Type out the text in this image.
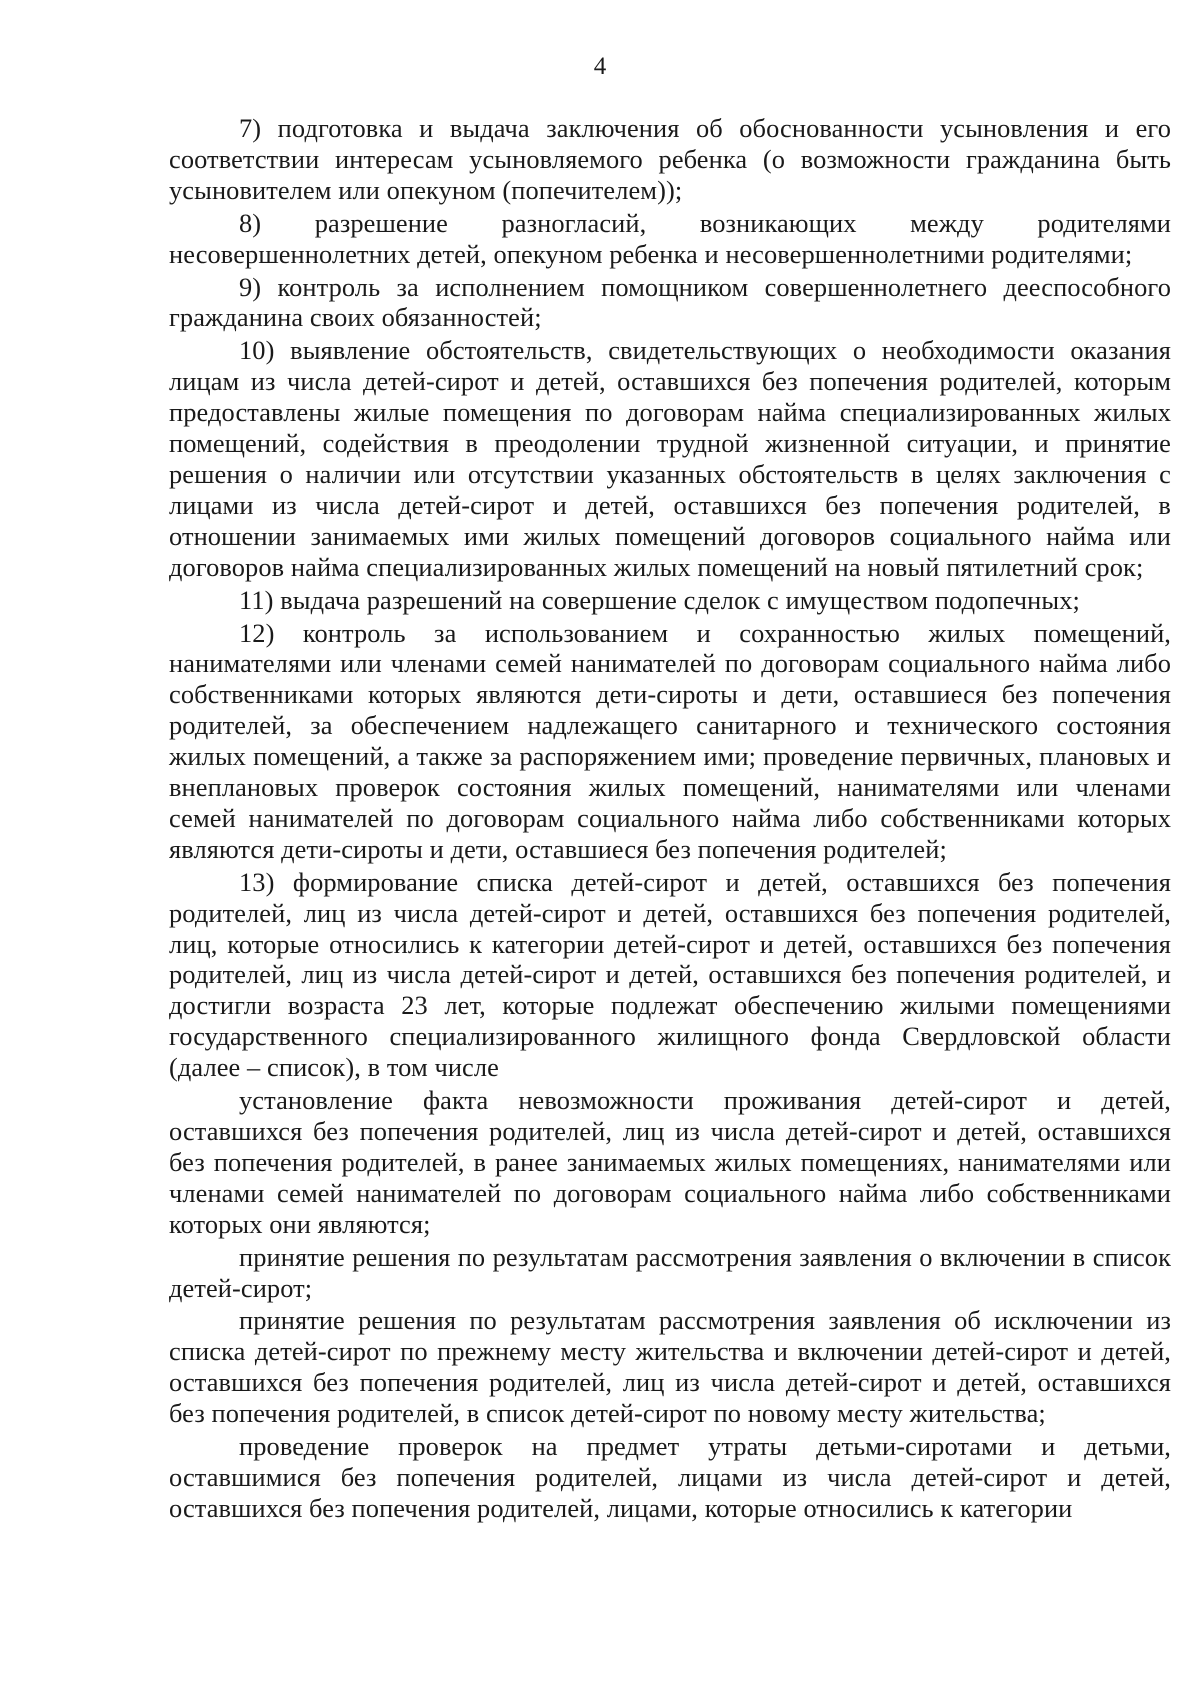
4

7) подготовка и выдача заключения об обоснованности усыновления и его соответствии интересам усыновляемого ребенка (о возможности гражданина быть усыновителем или опекуном (попечителем));

8) разрешение разногласий, возникающих между родителями несовершеннолетних детей, опекуном ребенка и несовершеннолетними родителями;

9) контроль за исполнением помощником совершеннолетнего дееспособного гражданина своих обязанностей;

10) выявление обстоятельств, свидетельствующих о необходимости оказания лицам из числа детей-сирот и детей, оставшихся без попечения родителей, которым предоставлены жилые помещения по договорам найма специализированных жилых помещений, содействия в преодолении трудной жизненной ситуации, и принятие решения о наличии или отсутствии указанных обстоятельств в целях заключения с лицами из числа детей-сирот и детей, оставшихся без попечения родителей, в отношении занимаемых ими жилых помещений договоров социального найма или договоров найма специализированных жилых помещений на новый пятилетний срок;

11) выдача разрешений на совершение сделок с имуществом подопечных;

12) контроль за использованием и сохранностью жилых помещений, нанимателями или членами семей нанимателей по договорам социального найма либо собственниками которых являются дети-сироты и дети, оставшиеся без попечения родителей, за обеспечением надлежащего санитарного и технического состояния жилых помещений, а также за распоряжением ими; проведение первичных, плановых и внеплановых проверок состояния жилых помещений, нанимателями или членами семей нанимателей по договорам социального найма либо собственниками которых являются дети-сироты и дети, оставшиеся без попечения родителей;

13) формирование списка детей-сирот и детей, оставшихся без попечения родителей, лиц из числа детей-сирот и детей, оставшихся без попечения родителей, лиц, которые относились к категории детей-сирот и детей, оставшихся без попечения родителей, лиц из числа детей-сирот и детей, оставшихся без попечения родителей, и достигли возраста 23 лет, которые подлежат обеспечению жилыми помещениями государственного специализированного жилищного фонда Свердловской области (далее – список), в том числе

установление факта невозможности проживания детей-сирот и детей, оставшихся без попечения родителей, лиц из числа детей-сирот и детей, оставшихся без попечения родителей, в ранее занимаемых жилых помещениях, нанимателями или членами семей нанимателей по договорам социального найма либо собственниками которых они являются;

принятие решения по результатам рассмотрения заявления о включении в список детей-сирот;

принятие решения по результатам рассмотрения заявления об исключении из списка детей-сирот по прежнему месту жительства и включении детей-сирот и детей, оставшихся без попечения родителей, лиц из числа детей-сирот и детей, оставшихся без попечения родителей, в список детей-сирот по новому месту жительства;

проведение проверок на предмет утраты детьми-сиротами и детьми, оставшимися без попечения родителей, лицами из числа детей-сирот и детей, оставшихся без попечения родителей, лицами, которые относились к категории
